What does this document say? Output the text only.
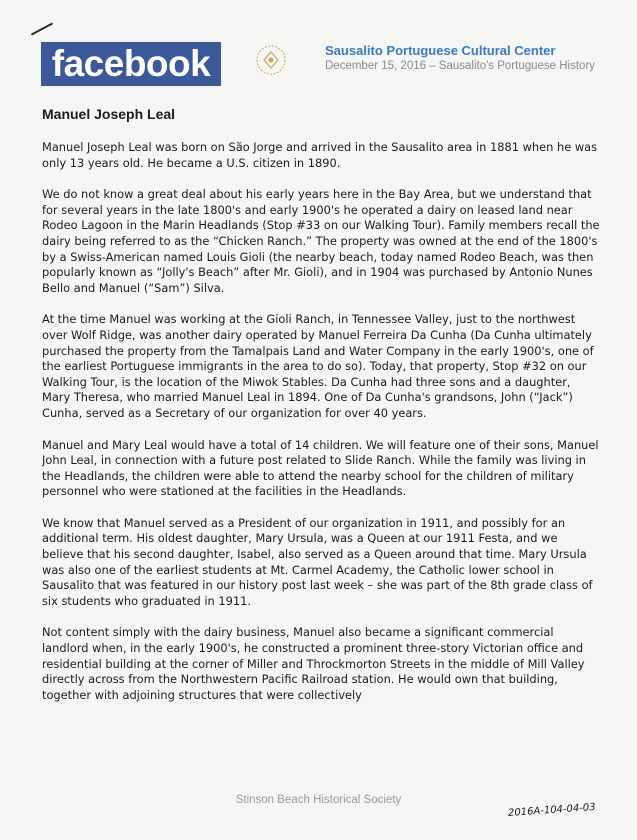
facebook	Sausalito Portuguese Cultural Center
December 15, 2016 – Sausalito's Portuguese History
Manuel Joseph Leal

Manuel Joseph Leal was born on São Jorge and arrived in the Sausalito area in 1881 when he was only 13 years old. He became a U.S. citizen in 1890.

We do not know a great deal about his early years here in the Bay Area, but we understand that for several years in the late 1800's and early 1900's he operated a dairy on leased land near Rodeo Lagoon in the Marin Headlands (Stop #33 on our Walking Tour). Family members recall the dairy being referred to as the “Chicken Ranch.” The property was owned at the end of the 1800's by a Swiss-American named Louis Gioli (the nearby beach, today named Rodeo Beach, was then popularly known as “Jolly's Beach” after Mr. Gioli), and in 1904 was purchased by Antonio Nunes Bello and Manuel (“Sam”) Silva.

At the time Manuel was working at the Gioli Ranch, in Tennessee Valley, just to the northwest over Wolf Ridge, was another dairy operated by Manuel Ferreira Da Cunha (Da Cunha ultimately purchased the property from the Tamalpais Land and Water Company in the early 1900's, one of the earliest Portuguese immigrants in the area to do so). Today, that property, Stop #32 on our Walking Tour, is the location of the Miwok Stables. Da Cunha had three sons and a daughter, Mary Theresa, who married Manuel Leal in 1894. One of Da Cunha's grandsons, John (“Jack”) Cunha, served as a Secretary of our organization for over 40 years.

Manuel and Mary Leal would have a total of 14 children. We will feature one of their sons, Manuel John Leal, in connection with a future post related to Slide Ranch. While the family was living in the Headlands, the children were able to attend the nearby school for the children of military personnel who were stationed at the facilities in the Headlands.

We know that Manuel served as a President of our organization in 1911, and possibly for an additional term. His oldest daughter, Mary Ursula, was a Queen at our 1911 Festa, and we believe that his second daughter, Isabel, also served as a Queen around that time. Mary Ursula was also one of the earliest students at Mt. Carmel Academy, the Catholic lower school in Sausalito that was featured in our history post last week – she was part of the 8th grade class of six students who graduated in 1911.

Not content simply with the dairy business, Manuel also became a significant commercial landlord when, in the early 1900's, he constructed a prominent three-story Victorian office and residential building at the corner of Miller and Throckmorton Streets in the middle of Mill Valley directly across from the Northwestern Pacific Railroad station. He would own that building, together with adjoining structures that were collectively

Stinson Beach Historical Society
2016A-104-04-03
